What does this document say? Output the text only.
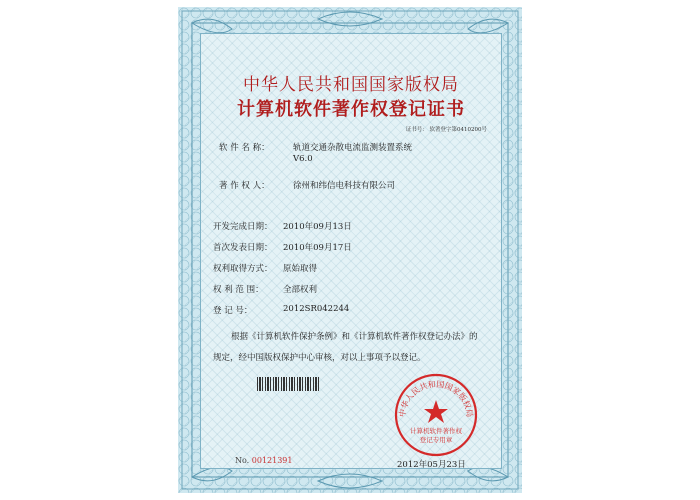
中华人民共和国国家版权局
计算机软件著作权登记证书
证书号： 软著登字第0410200号
软 件 名 称：	轨道交通杂散电流监测装置系统
V6.0
著 作 权 人：	徐州和纬信电科技有限公司
开发完成日期： 2010年09月13日
首次发表日期： 2010年09月17日
权利取得方式： 原始取得
权 利 范 围： 全部权利
登 记 号：	2012SR042244
根据《计算机软件保护条例》和《计算机软件著作权登记办法》的
规定，经中国版权保护中心审核，对以上事项予以登记。
中华人民共和国国家版权局
计算机软件著作权
登记专用章
No. 00121391	2012年05月23日
